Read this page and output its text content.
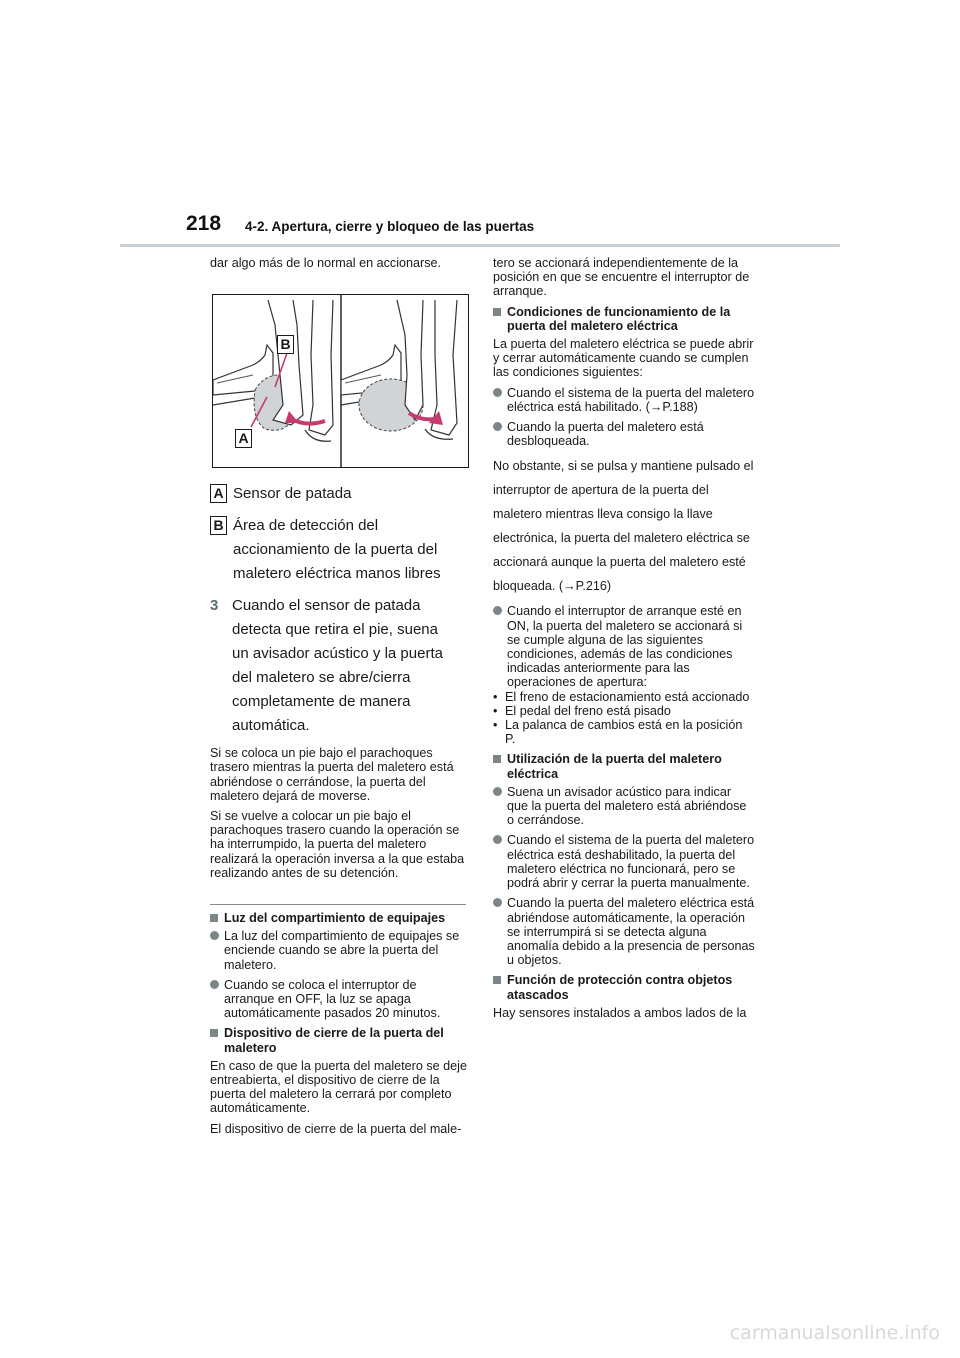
218 4-2. Apertura, cierre y bloqueo de las puertas

dar algo más de lo normal en accionarse.

B
A
A Sensor de patada
B Área de detección del accionamiento de la puerta del maletero eléctrica manos libres
3 Cuando el sensor de patada detecta que retira el pie, suena un avisador acústico y la puerta del maletero se abre/cierra completamente de manera automática.

Si se coloca un pie bajo el parachoques trasero mientras la puerta del maletero está abriéndose o cerrándose, la puerta del maletero dejará de moverse.

Si se vuelve a colocar un pie bajo el parachoques trasero cuando la operación se ha interrumpido, la puerta del maletero realizará la operación inversa a la que estaba realizando antes de su detención.

Luz del compartimiento de equipajes
La luz del compartimiento de equipajes se enciende cuando se abre la puerta del maletero.
Cuando se coloca el interruptor de arranque en OFF, la luz se apaga automáticamente pasados 20 minutos.
Dispositivo de cierre de la puerta del maletero

En caso de que la puerta del maletero se deje entreabierta, el dispositivo de cierre de la puerta del maletero la cerrará por completo automáticamente.

El dispositivo de cierre de la puerta del male-

tero se accionará independientemente de la posición en que se encuentre el interruptor de arranque.

Condiciones de funcionamiento de la puerta del maletero eléctrica

La puerta del maletero eléctrica se puede abrir y cerrar automáticamente cuando se cumplen las condiciones siguientes:

Cuando el sistema de la puerta del maletero eléctrica está habilitado. (→P.188)
Cuando la puerta del maletero está desbloqueada.

No obstante, si se pulsa y mantiene pulsado el interruptor de apertura de la puerta del maletero mientras lleva consigo la llave electrónica, la puerta del maletero eléctrica se accionará aunque la puerta del maletero esté bloqueada. (→P.216)

Cuando el interruptor de arranque esté en ON, la puerta del maletero se accionará si se cumple alguna de las siguientes condiciones, además de las condiciones indicadas anteriormente para las operaciones de apertura:
• El freno de estacionamiento está accionado
• El pedal del freno está pisado
• La palanca de cambios está en la posición P.
Utilización de la puerta del maletero eléctrica
Suena un avisador acústico para indicar que la puerta del maletero está abriéndose o cerrándose.
Cuando el sistema de la puerta del maletero eléctrica está deshabilitado, la puerta del maletero eléctrica no funcionará, pero se podrá abrir y cerrar la puerta manualmente.
Cuando la puerta del maletero eléctrica está abriéndose automáticamente, la operación se interrumpirá si se detecta alguna anomalía debido a la presencia de personas u objetos.
Función de protección contra objetos atascados

Hay sensores instalados a ambos lados de la

carmanualsonline.info
